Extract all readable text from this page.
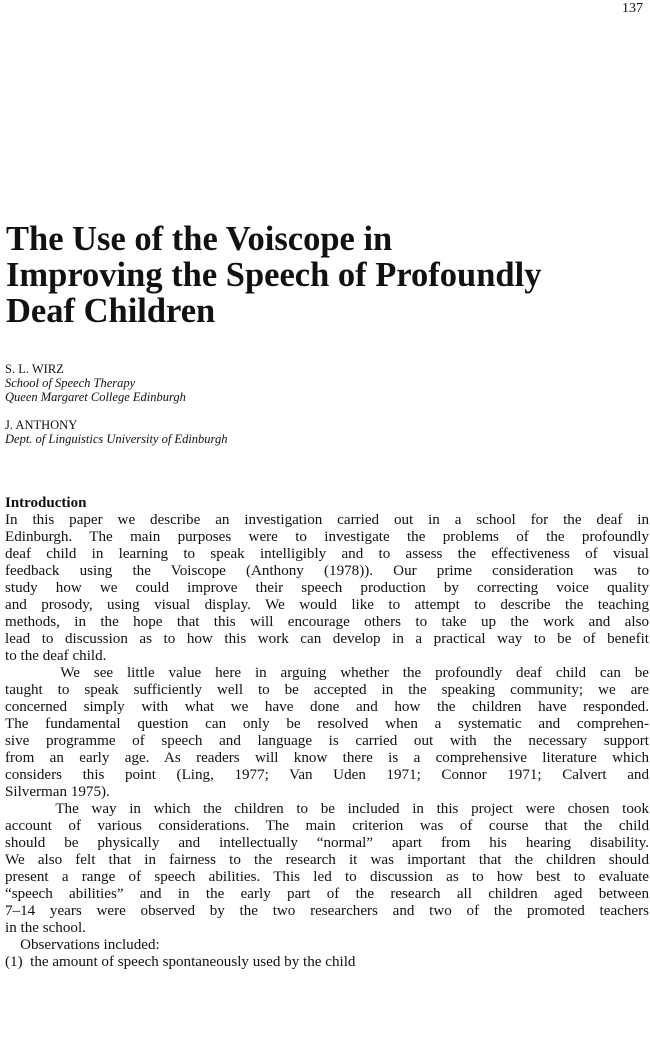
137
The Use of the Voiscope in
Improving the Speech of Profoundly
Deaf Children
S. L. WIRZ
School of Speech Therapy
Queen Margaret College Edinburgh
J. ANTHONY
Dept. of Linguistics University of Edinburgh
Introduction
In this paper we describe an investigation carried out in a school for the deaf in
Edinburgh. The main purposes were to investigate the problems of the profoundly
deaf child in learning to speak intelligibly and to assess the effectiveness of visual
feedback using the Voiscope (Anthony (1978)). Our prime consideration was to
study how we could improve their speech production by correcting voice quality
and prosody, using visual display. We would like to attempt to describe the teaching
methods, in the hope that this will encourage others to take up the work and also
lead to discussion as to how this work can develop in a practical way to be of benefit
to the deaf child.
We see little value here in arguing whether the profoundly deaf child can be
taught to speak sufficiently well to be accepted in the speaking community; we are
concerned simply with what we have done and how the children have responded.
The fundamental question can only be resolved when a systematic and comprehen-
sive programme of speech and language is carried out with the necessary support
from an early age. As readers will know there is a comprehensive literature which
considers this point (Ling, 1977; Van Uden 1971; Connor 1971; Calvert and
Silverman 1975).
The way in which the children to be included in this project were chosen took
account of various considerations. The main criterion was of course that the child
should be physically and intellectually “normal” apart from his hearing disability.
We also felt that in fairness to the research it was important that the children should
present a range of speech abilities. This led to discussion as to how best to evaluate
“speech abilities” and in the early part of the research all children aged between
7–14 years were observed by the two researchers and two of the promoted teachers
in the school.
Observations included:
(1)  the amount of speech spontaneously used by the child
